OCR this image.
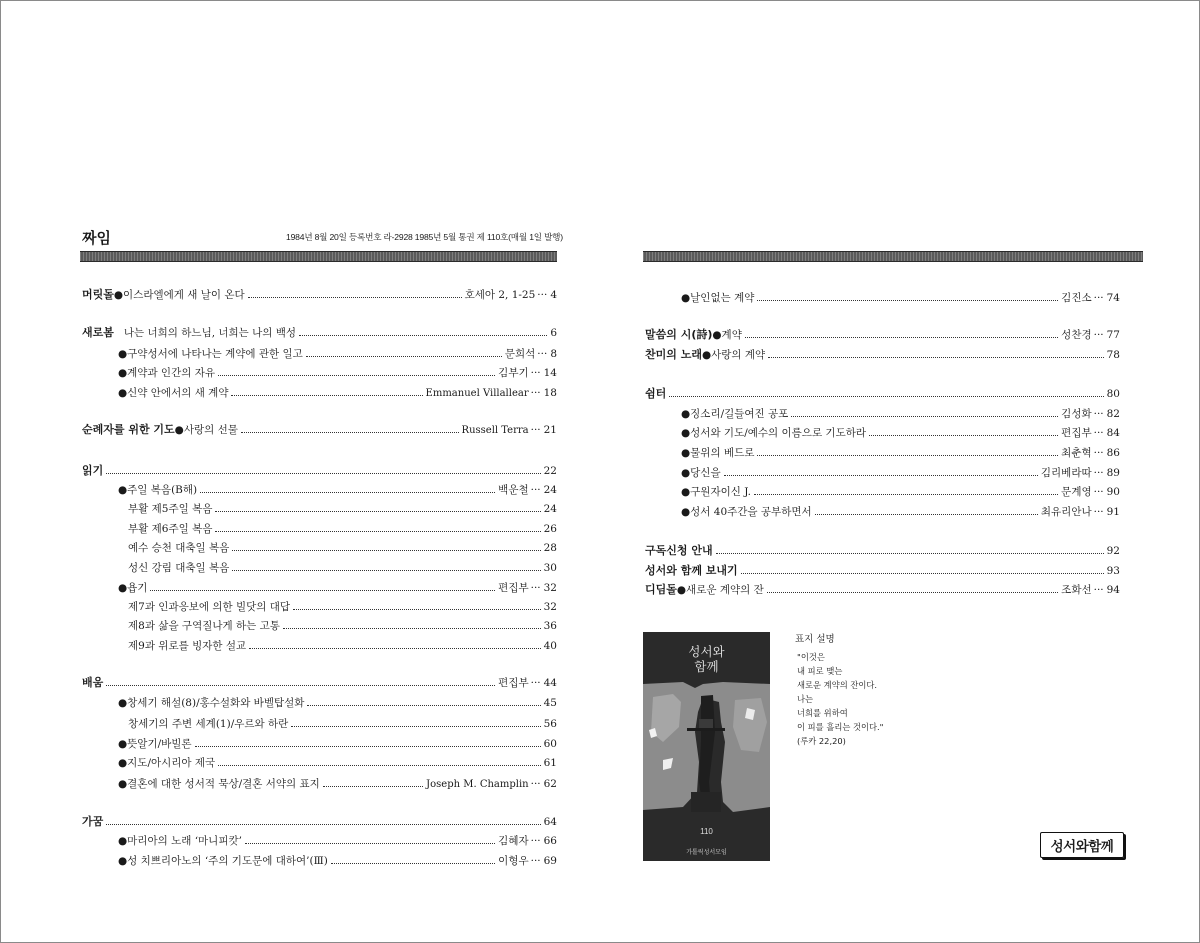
짜임	1984년 8월 20일 등록번호 라-2928 1985년 5월 통권 제 110호(매월 1일 발행)
머릿돌 ●이스라엘에게 새 날이 온다	호세아 2, 1-25 ··· 4
새로봄 나는 너희의 하느님, 너희는 나의 백성	6
●구약성서에 나타나는 계약에 관한 일고	문희석 ··· 8
●계약과 인간의 자유	김부기 ··· 14
●신약 안에서의 새 계약	Emmanuel Villallear ··· 18
순례자를 위한 기도 ●사랑의 선물	Russell Terra ··· 21
읽기	22
●주일 복음(B해)	백운철 ··· 24
부활 제5주일 복음	24
부활 제6주일 복음	26
예수 승천 대축일 복음	28
성신 강림 대축일 복음	30
●욥기	편집부 ··· 32
제7과 인과응보에 의한 빌닷의 대답	32
제8과 삶을 구역질나게 하는 고통	36
제9과 위로를 빙자한 설교	40
배움	편집부 ··· 44
●창세기 해설(8)/홍수설화와 바벨탑설화	45
창세기의 주변 세계(1)/우르와 하란	56
●뜻알기/바빌론	60
●지도/아시리아 제국	61
●결혼에 대한 성서적 묵상/결혼 서약의 표지	Joseph M. Champlin ··· 62
가꿈	64
●마리아의 노래 ‘마니피캇’	김혜자 ··· 66
●성 치쁘리아노의 ‘주의 기도문에 대하여’(Ⅲ)	이형우 ··· 69
●날인없는 계약	김진소 ··· 74
말씀의 시(詩) ●계약	성찬경 ··· 77
찬미의 노래 ●사랑의 계약	78
쉼터	80
●징소리/길들여진 공포	김성화 ··· 82
●성서와 기도/예수의 이름으로 기도하라	편집부 ··· 84
●물위의 베드로	최춘혁 ··· 86
●당신을	김리베라따 ··· 89
●구원자이신 J.	문계영 ··· 90
●성서 40주간을 공부하면서	최유리안나 ··· 91
구독신청 안내	92
성서와 함께 보내기	93
디딤돌 ●새로운 계약의 잔	조화선 ··· 94
성서와
함께
110
가톨릭성서모임
표지 설명
"이것은
내 피로 맺는
새로운 계약의 잔이다.
나는
너희를 위하여
이 피를 흘리는 것이다."
(루카 22,20)
성서와함께
